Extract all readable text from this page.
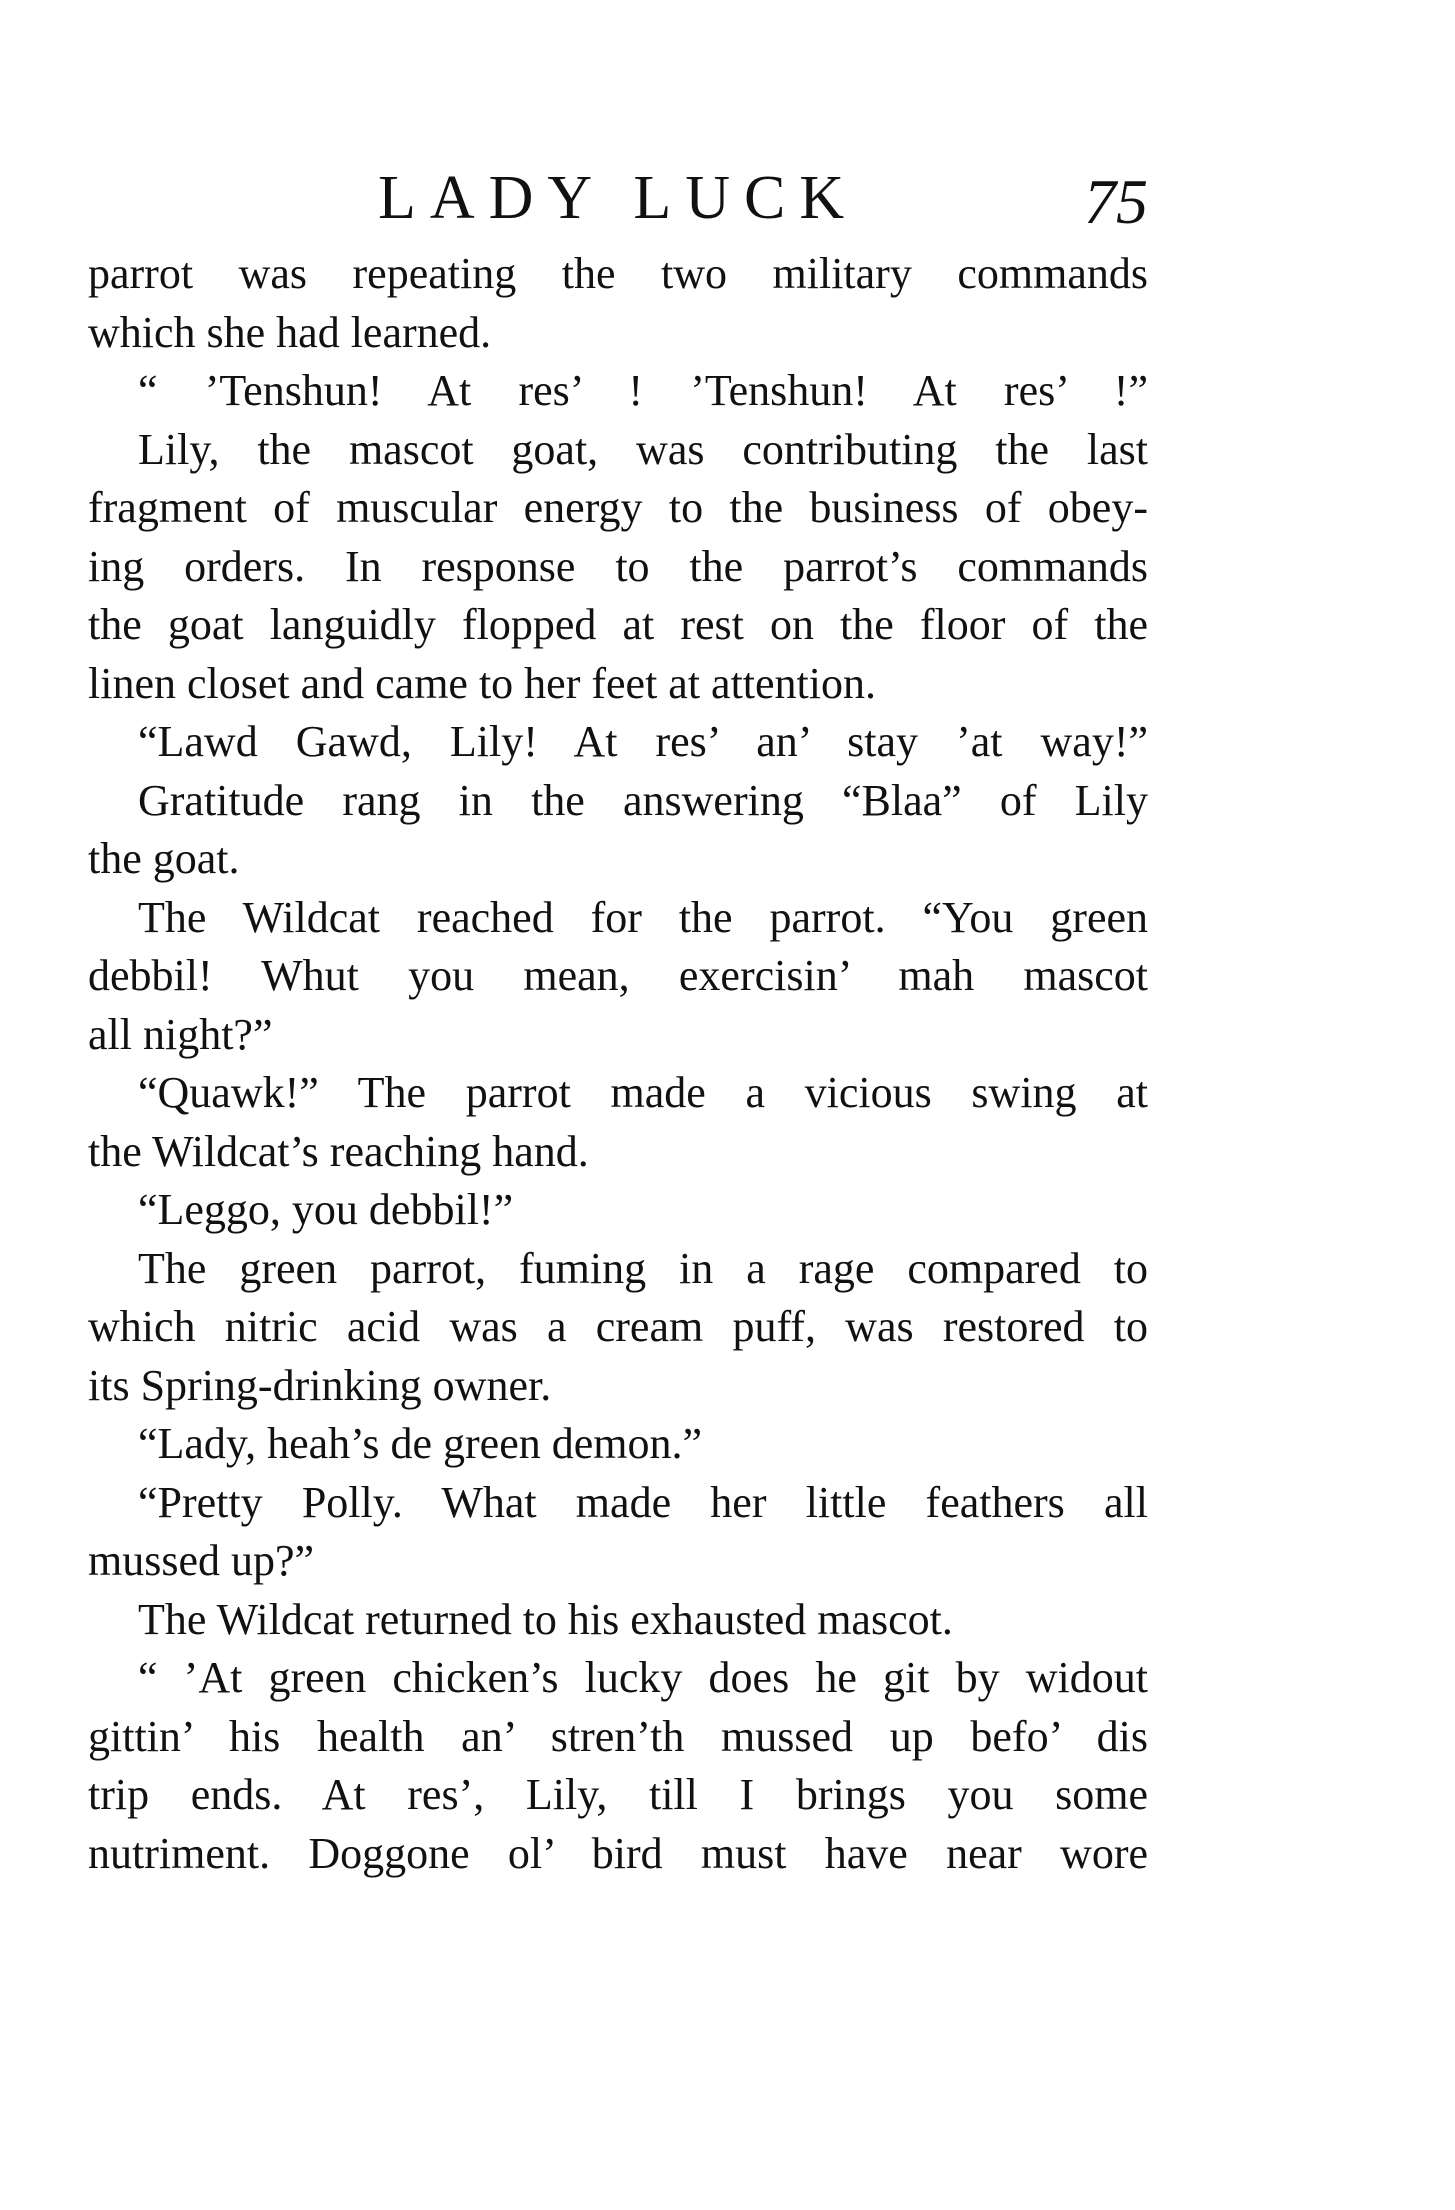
LADY LUCK	75
parrot was repeating the two military commands
which she had learned.
“ ’Tenshun! At res’ ! ’Tenshun! At res’ !”
Lily, the mascot goat, was contributing the last
fragment of muscular energy to the business of obey-
ing orders. In response to the parrot’s commands
the goat languidly flopped at rest on the floor of the
linen closet and came to her feet at attention.
“Lawd Gawd, Lily! At res’ an’ stay ’at way!”
Gratitude rang in the answering “Blaa” of Lily
the goat.
The Wildcat reached for the parrot. “You green
debbil! Whut you mean, exercisin’ mah mascot
all night?”
“Quawk!” The parrot made a vicious swing at
the Wildcat’s reaching hand.
“Leggo, you debbil!”
The green parrot, fuming in a rage compared to
which nitric acid was a cream puff, was restored to
its Spring-drinking owner.
“Lady, heah’s de green demon.”
“Pretty Polly. What made her little feathers all
mussed up?”
The Wildcat returned to his exhausted mascot.
“ ’At green chicken’s lucky does he git by widout
gittin’ his health an’ stren’th mussed up befo’ dis
trip ends. At res’, Lily, till I brings you some
nutriment. Doggone ol’ bird must have near wore
